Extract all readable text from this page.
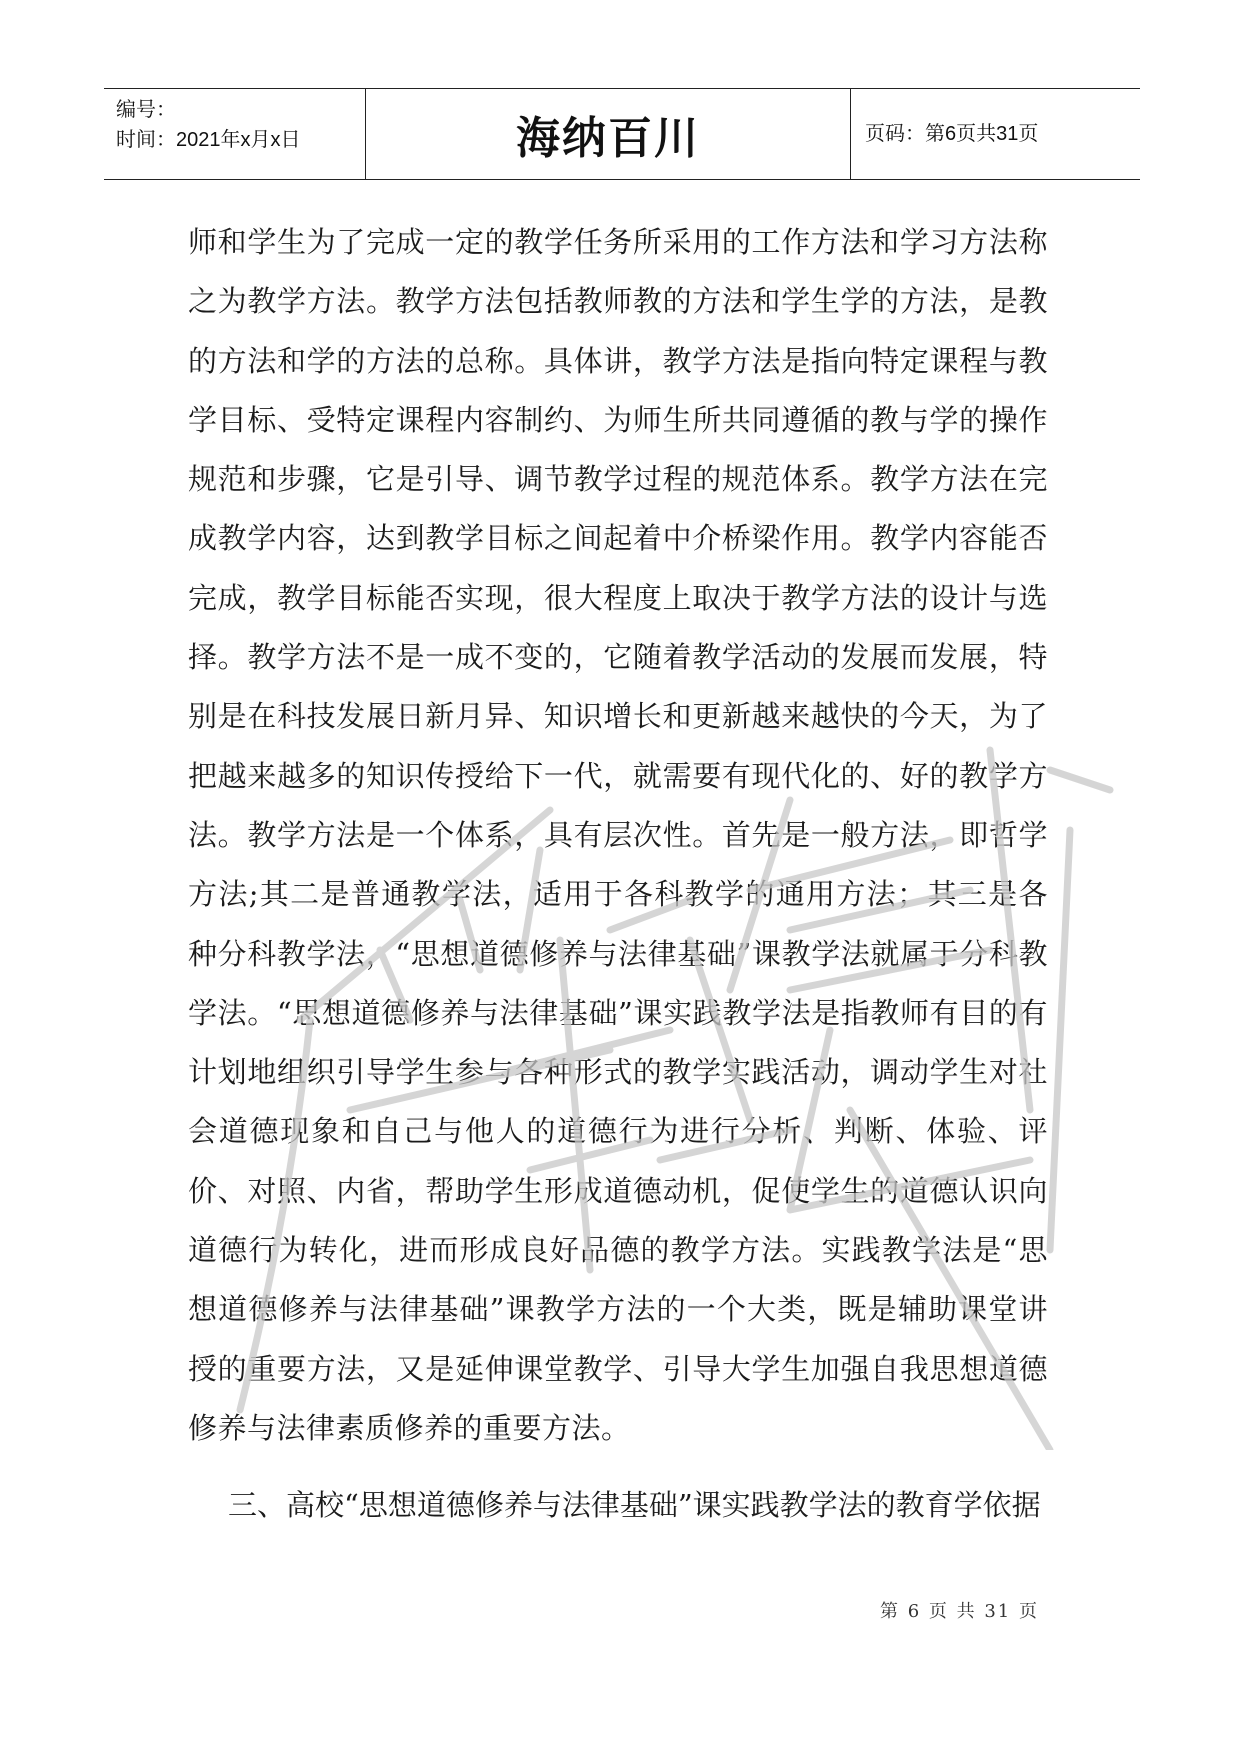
编号：
时间：2021年x月x日	海纳百川	页码：第6页共31页
师和学生为了完成一定的教学任务所采用的工作方法和学习方法称之为教学方法。教学方法包括教师教的方法和学生学的方法，是教的方法和学的方法的总称。具体讲，教学方法是指向特定课程与教学目标、受特定课程内容制约、为师生所共同遵循的教与学的操作规范和步骤，它是引导、调节教学过程的规范体系。教学方法在完成教学内容，达到教学目标之间起着中介桥梁作用。教学内容能否完成，教学目标能否实现，很大程度上取决于教学方法的设计与选择。教学方法不是一成不变的，它随着教学活动的发展而发展，特别是在科技发展日新月异、知识增长和更新越来越快的今天，为了把越来越多的知识传授给下一代，就需要有现代化的、好的教学方法。教学方法是一个体系，具有层次性。首先是一般方法，即哲学方法;其二是普通教学法，适用于各科教学的通用方法；其三是各种分科教学法，“思想道德修养与法律基础”课教学法就属于分科教学法。“思想道德修养与法律基础”课实践教学法是指教师有目的有计划地组织引导学生参与各种形式的教学实践活动，调动学生对社会道德现象和自己与他人的道德行为进行分析、判断、体验、评价、对照、内省，帮助学生形成道德动机，促使学生的道德认识向道德行为转化，进而形成良好品德的教学方法。实践教学法是“思想道德修养与法律基础”课教学方法的一个大类，既是辅助课堂讲授的重要方法，又是延伸课堂教学、引导大学生加强自我思想道德修养与法律素质修养的重要方法。
三、高校“思想道德修养与法律基础”课实践教学法的教育学依据
第 6 页 共 31 页
